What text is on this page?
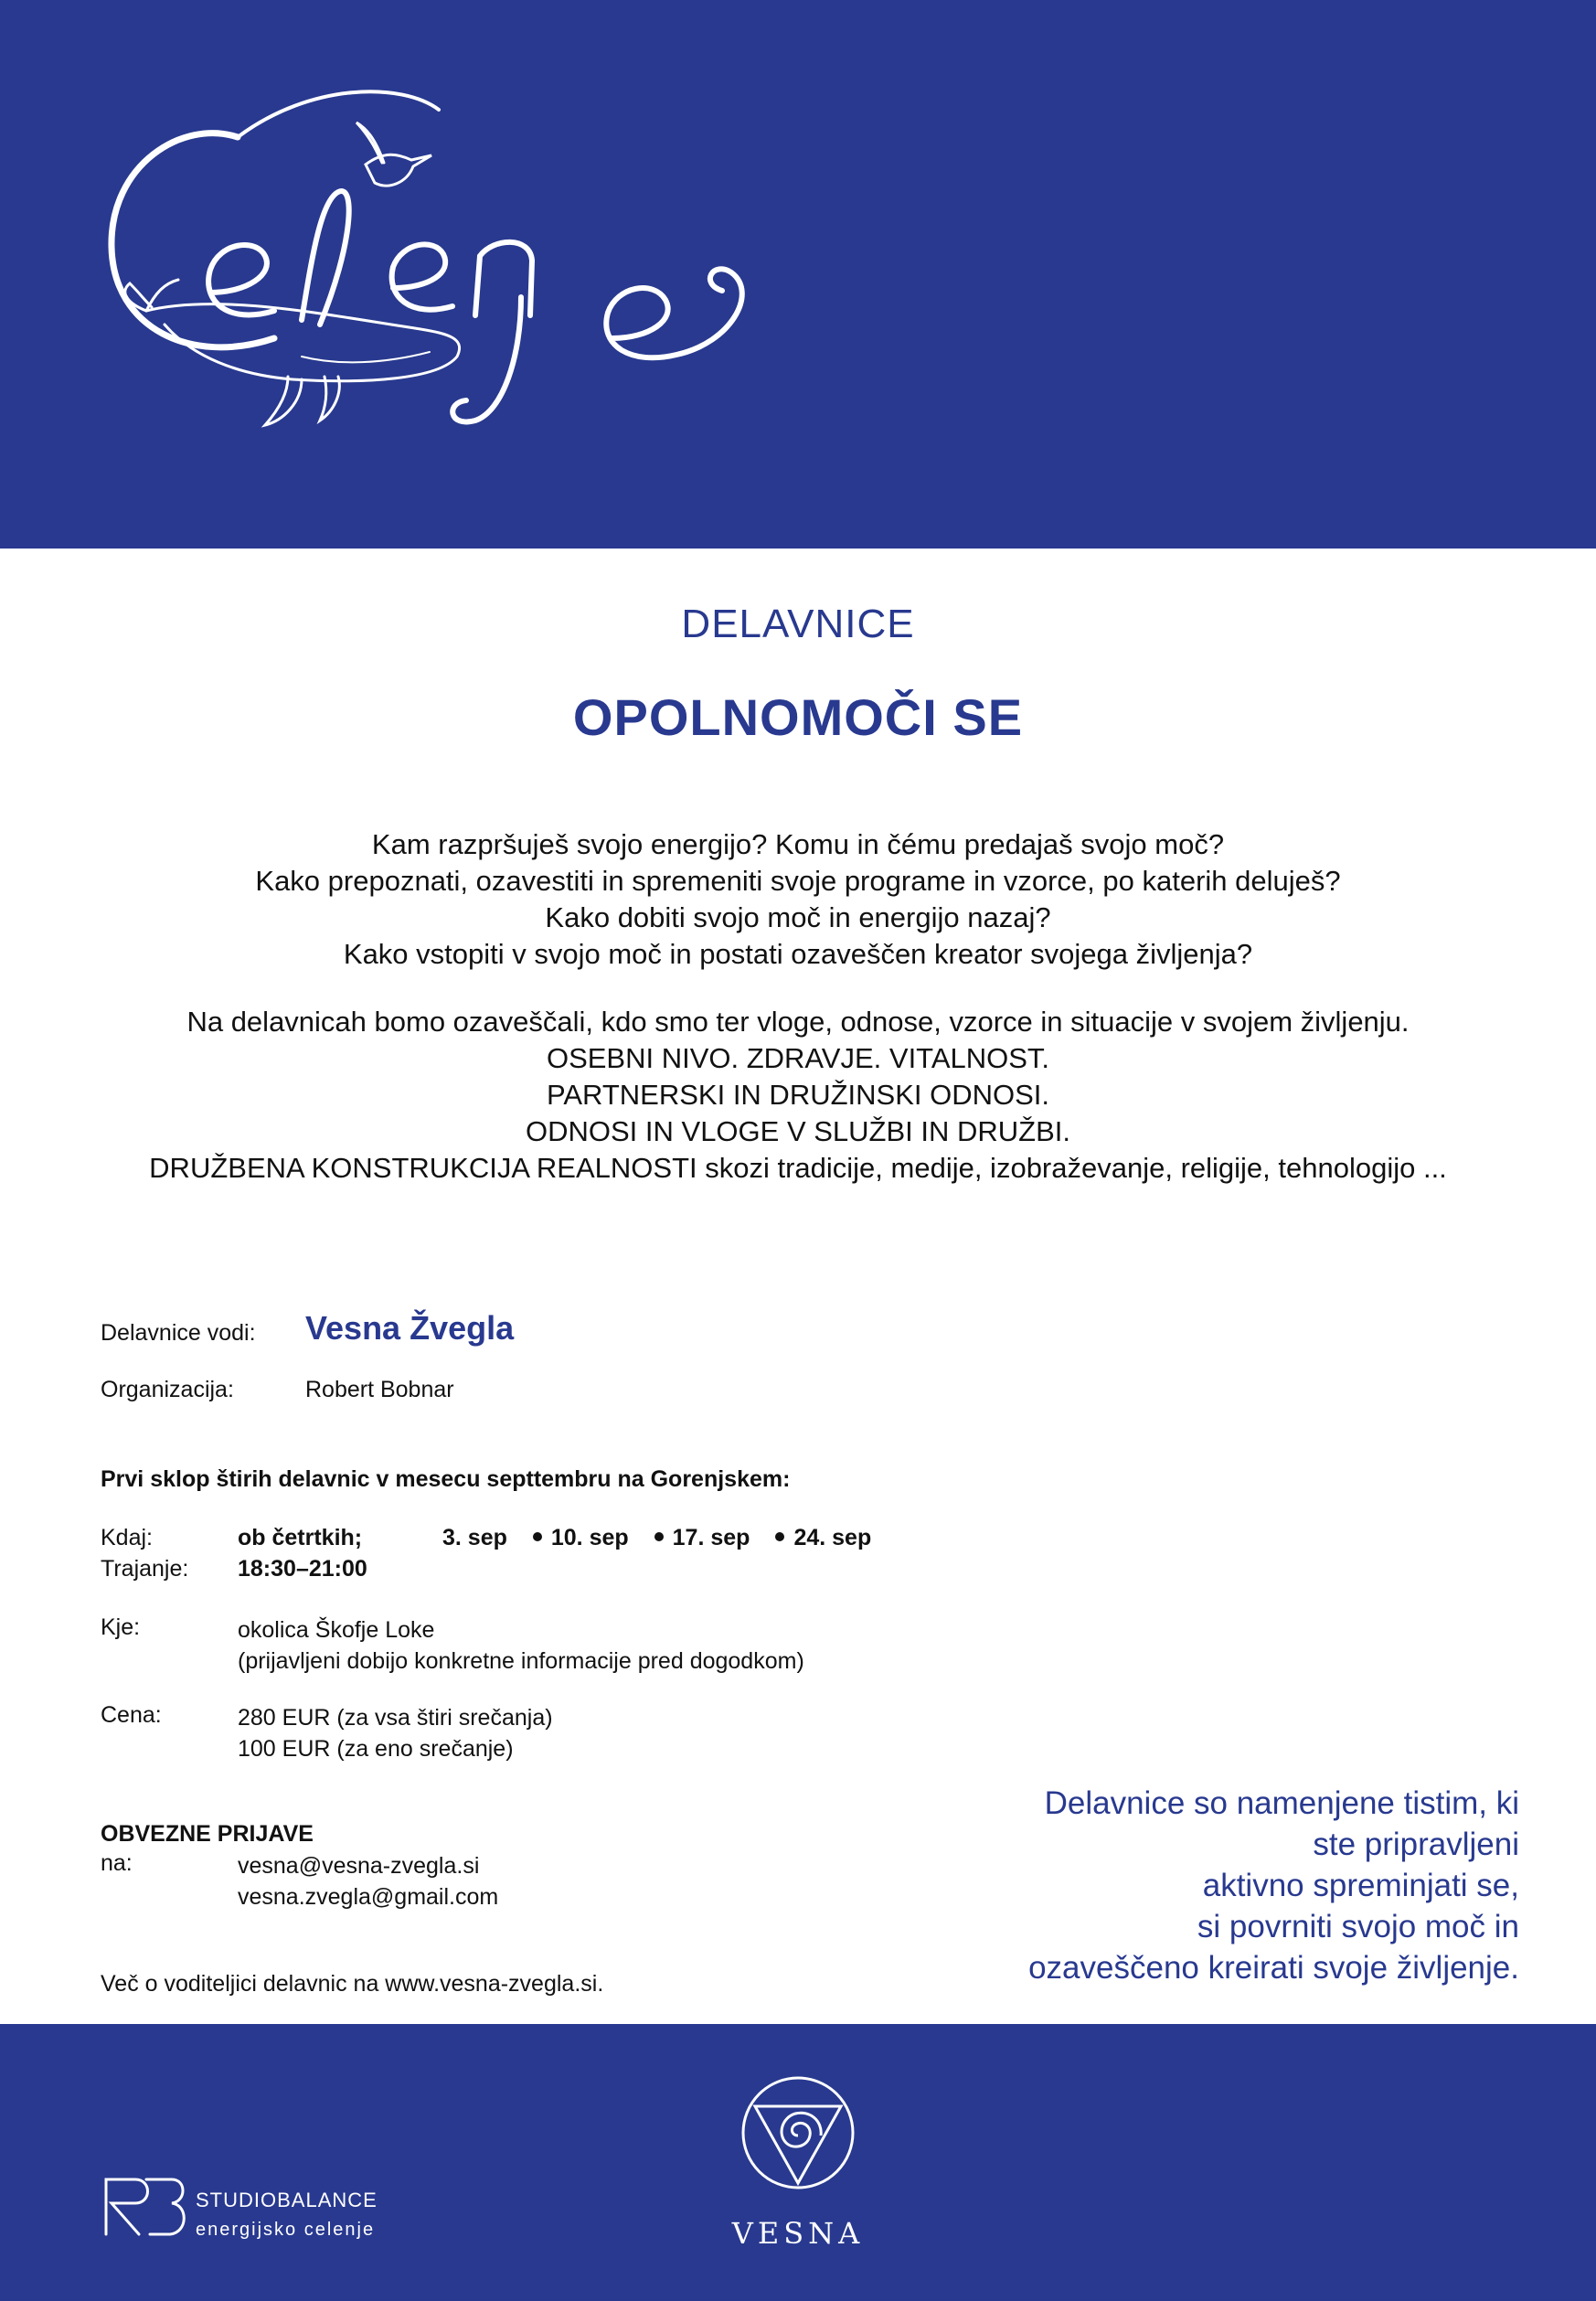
DELAVNICE
OPOLNOMOČI SE
Kam razpršuješ svojo energijo? Komu in čému predajaš svojo moč?
Kako prepoznati, ozavestiti in spremeniti svoje programe in vzorce, po katerih deluješ?
Kako dobiti svojo moč in energijo nazaj?
Kako vstopiti v svojo moč in postati ozaveščen kreator svojega življenja?
Na delavnicah bomo ozaveščali, kdo smo ter vloge, odnose, vzorce in situacije v svojem življenju.
OSEBNI NIVO. ZDRAVJE. VITALNOST.
PARTNERSKI IN DRUŽINSKI ODNOSI.
ODNOSI IN VLOGE V SLUŽBI IN DRUŽBI.
DRUŽBENA KONSTRUKCIJA REALNOSTI skozi tradicije, medije, izobraževanje, religije, tehnologijo ...
Delavnice vodi: Vesna Žvegla
Organizacija:	Robert Bobnar
Prvi sklop štirih delavnic v mesecu septtembru na Gorenjskem:
Kdaj:	ob četrtkih;	3. sep 10. sep 17. sep 24. sep
Trajanje: 18:30–21:00
Kje:	okolica Škofje Loke
(prijavljeni dobijo konkretne informacije pred dogodkom)
Cena:	280 EUR (za vsa štiri srečanja)
100 EUR (za eno srečanje)
OBVEZNE PRIJAVE
na:	vesna@vesna-zvegla.si
vesna.zvegla@gmail.com
Več o voditeljici delavnic na www.vesna-zvegla.si.
Delavnice so namenjene tistim, ki
ste pripravljeni
aktivno spreminjati se,
si povrniti svojo moč in
ozaveščeno kreirati svoje življenje.
VESNA
STUDIOBALANCE
energijsko celenje
